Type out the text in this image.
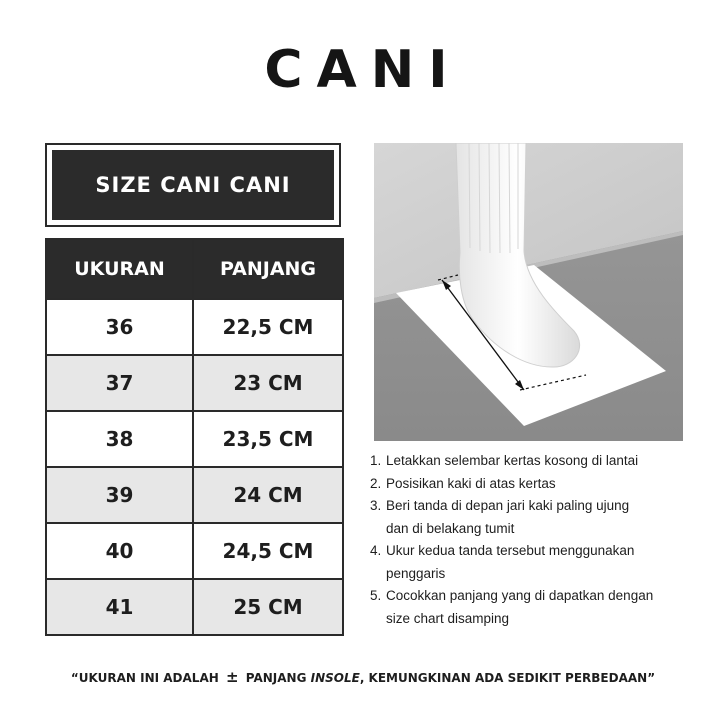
CANI
SIZE CANI CANI
UKURAN	PANJANG
36	22,5 CM
37	23 CM
38	23,5 CM
39	24 CM
40	24,5 CM
41	25 CM
1. Letakkan selembar kertas kosong di lantai
2. Posisikan kaki di atas kertas
3. Beri tanda di depan jari kaki paling ujung
dan di belakang tumit
4. Ukur kedua tanda tersebut menggunakan
penggaris
5. Cocokkan panjang yang di dapatkan dengan
size chart disamping
“UKURAN INI ADALAH ± PANJANG INSOLE, KEMUNGKINAN ADA SEDIKIT PERBEDAAN”
